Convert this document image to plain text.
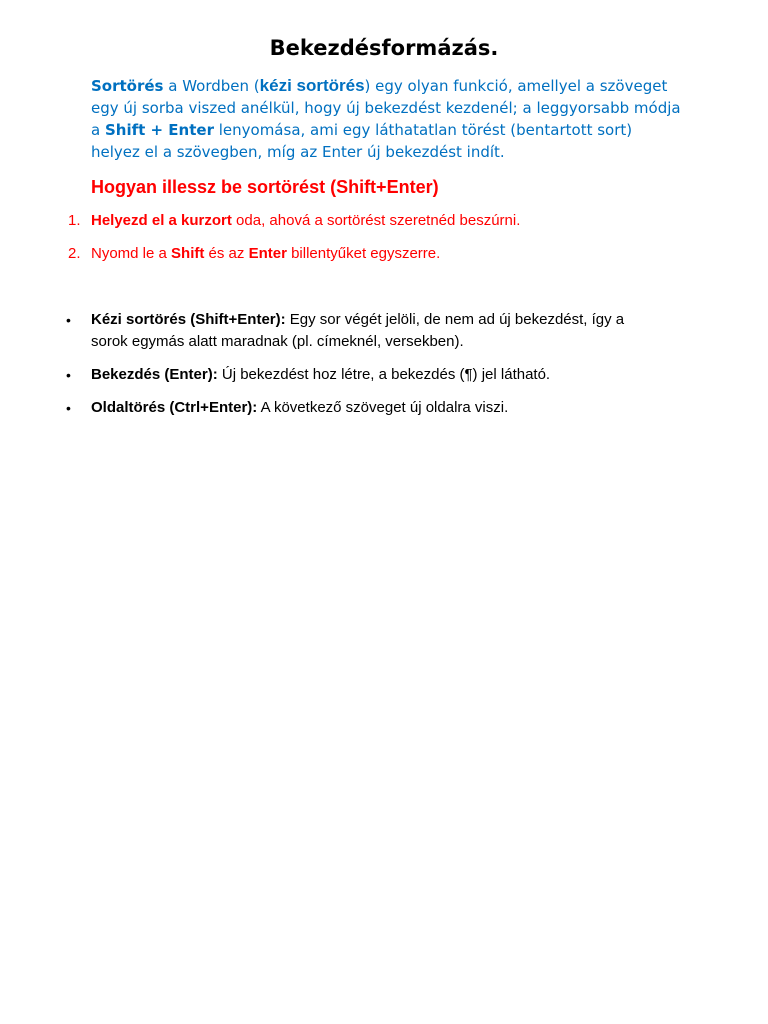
Bekezdésformázás.
Sortörés a Wordben (kézi sortörés) egy olyan funkció, amellyel a szöveget egy új sorba viszed anélkül, hogy új bekezdést kezdenél; a leggyorsabb módja a Shift + Enter lenyomása, ami egy láthatatlan törést (bentartott sort) helyez el a szövegben, míg az Enter új bekezdést indít.
Hogyan illessz be sortörést (Shift+Enter)
1. Helyezd el a kurzort oda, ahová a sortörést szeretnéd beszúrni.
2. Nyomd le a Shift és az Enter billentyűket egyszerre.
• Kézi sortörés (Shift+Enter): Egy sor végét jelöli, de nem ad új bekezdést, így a sorok egymás alatt maradnak (pl. címeknél, versekben).
• Bekezdés (Enter): Új bekezdést hoz létre, a bekezdés (¶) jel látható.
• Oldaltörés (Ctrl+Enter): A következő szöveget új oldalra viszi.
